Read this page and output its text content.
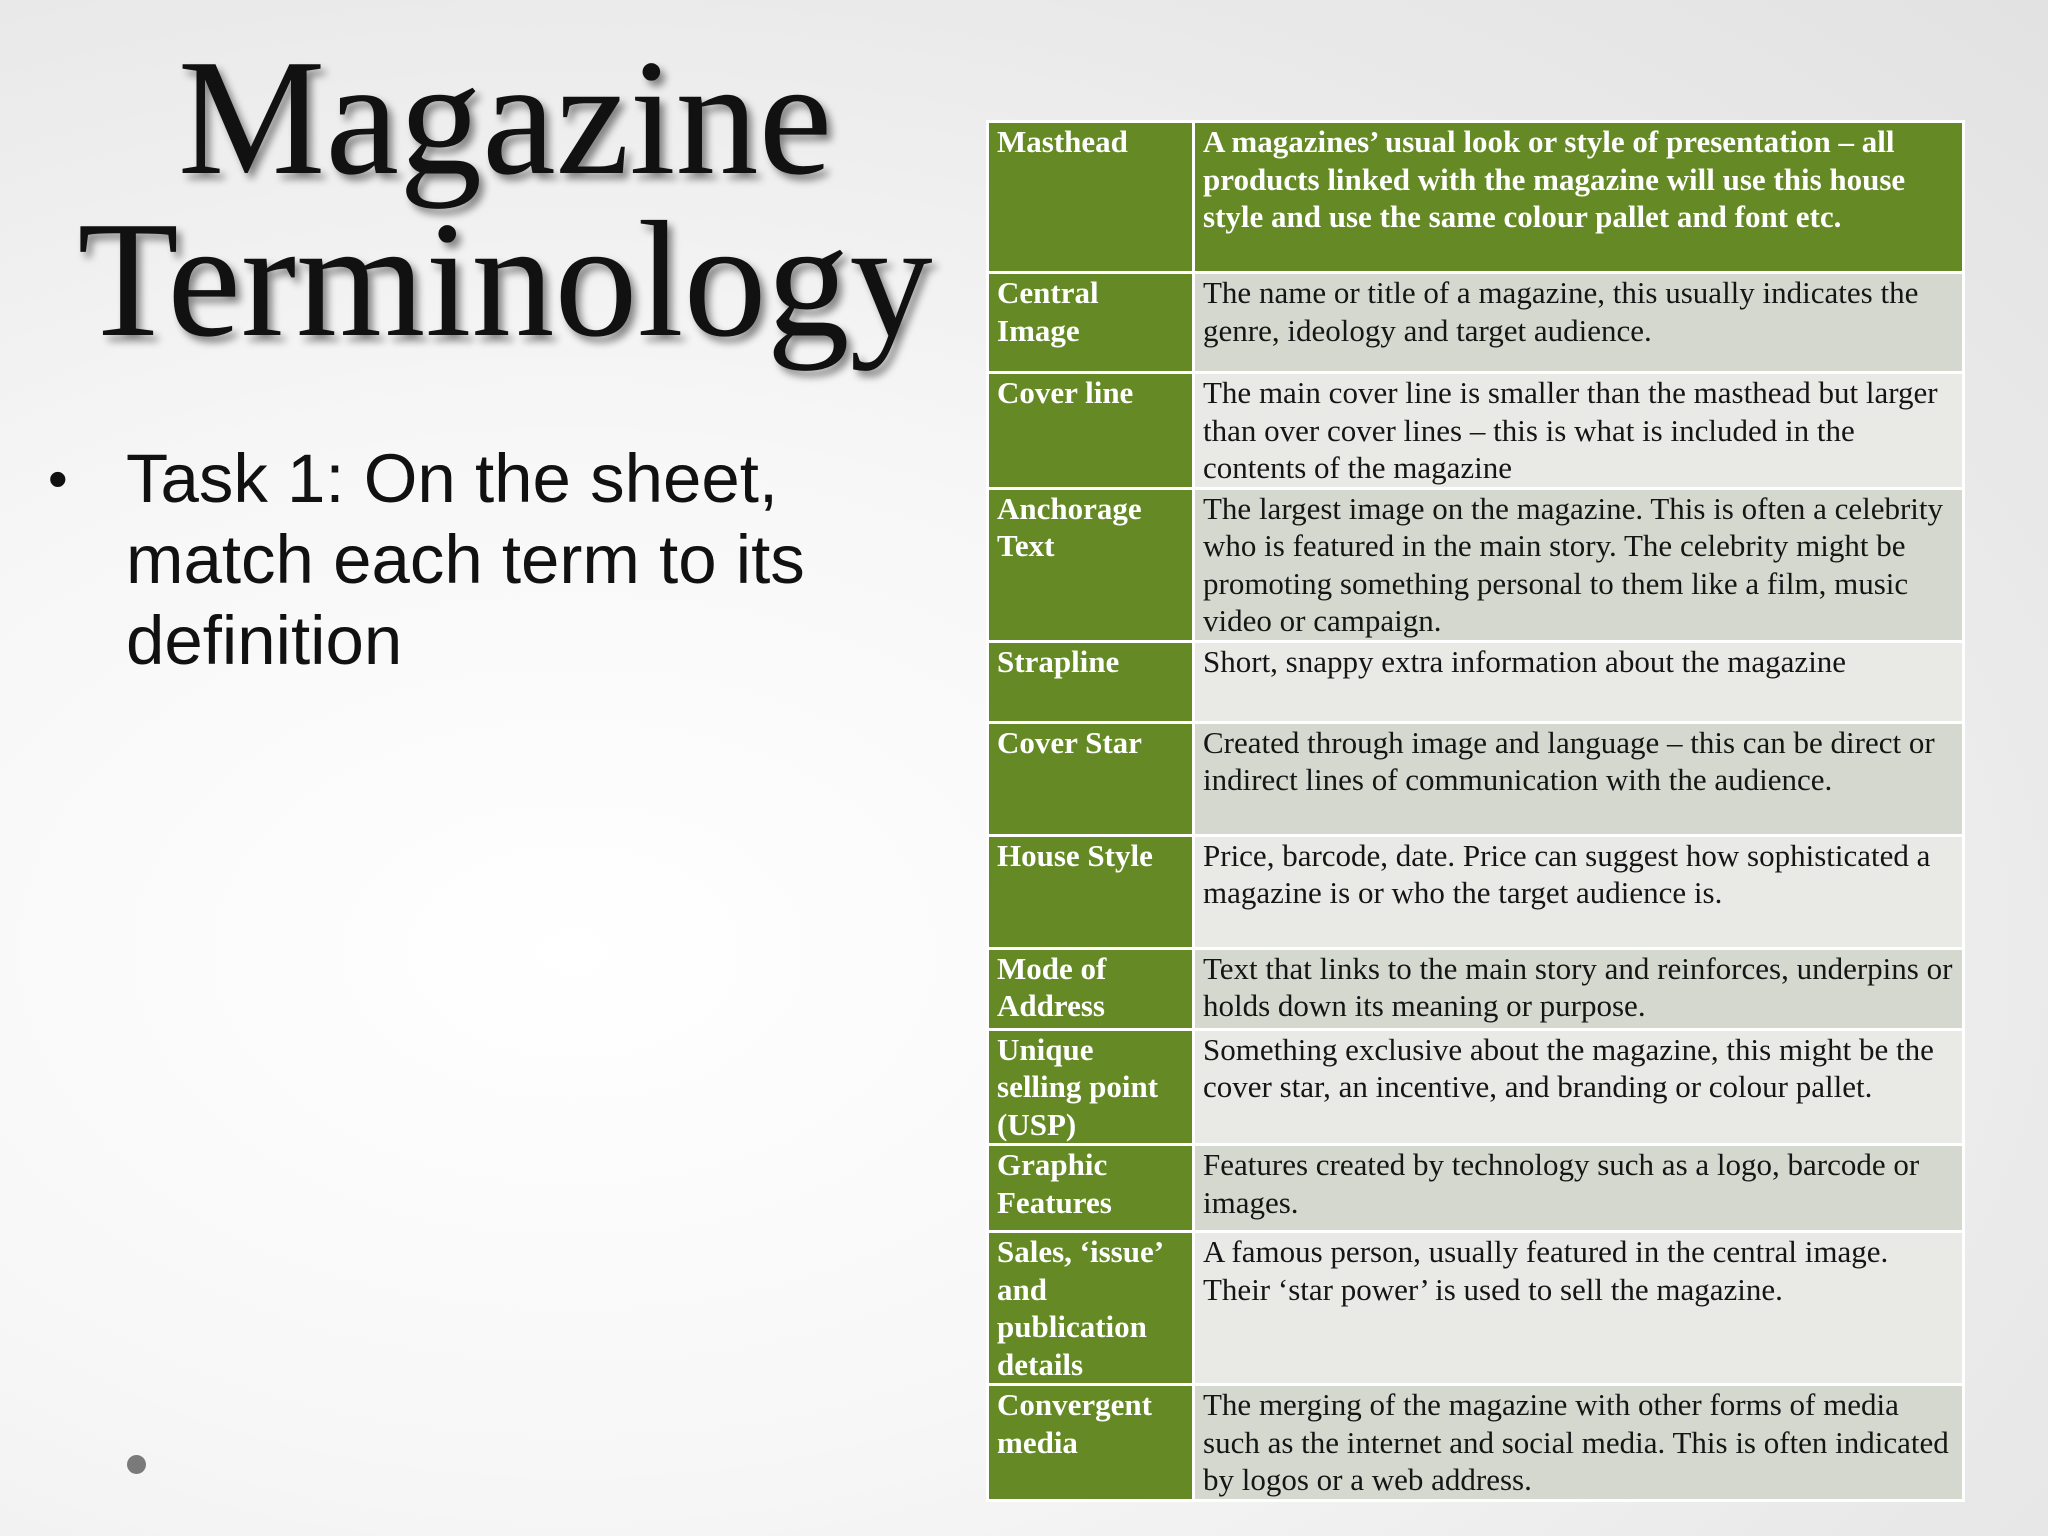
Magazine
Terminology
• Task 1: On the sheet, match each term to its definition
Masthead	A magazines’ usual look or style of presentation – all products linked with the magazine will use this house style and use the same colour pallet and font etc.
Central Image	The name or title of a magazine, this usually indicates the genre, ideology and target audience.
Cover line	The main cover line is smaller than the masthead but larger than over cover lines – this is what is included in the contents of the magazine
Anchorage Text	The largest image on the magazine. This is often a celebrity who is featured in the main story. The celebrity might be promoting something personal to them like a film, music video or campaign.
Strapline	Short, snappy extra information about the magazine
Cover Star	Created through image and language – this can be direct or indirect lines of communication with the audience.
House Style	Price, barcode, date. Price can suggest how sophisticated a magazine is or who the target audience is.
Mode of Address	Text that links to the main story and reinforces, underpins or holds down its meaning or purpose.
Unique selling point (USP)	Something exclusive about the magazine, this might be the cover star, an incentive, and branding or colour pallet.
Graphic Features	Features created by technology such as a logo, barcode or images.
Sales, ‘issue’ and publication details	A famous person, usually featured in the central image. Their ‘star power’ is used to sell the magazine.
Convergent media	The merging of the magazine with other forms of media such as the internet and social media. This is often indicated by logos or a web address.
